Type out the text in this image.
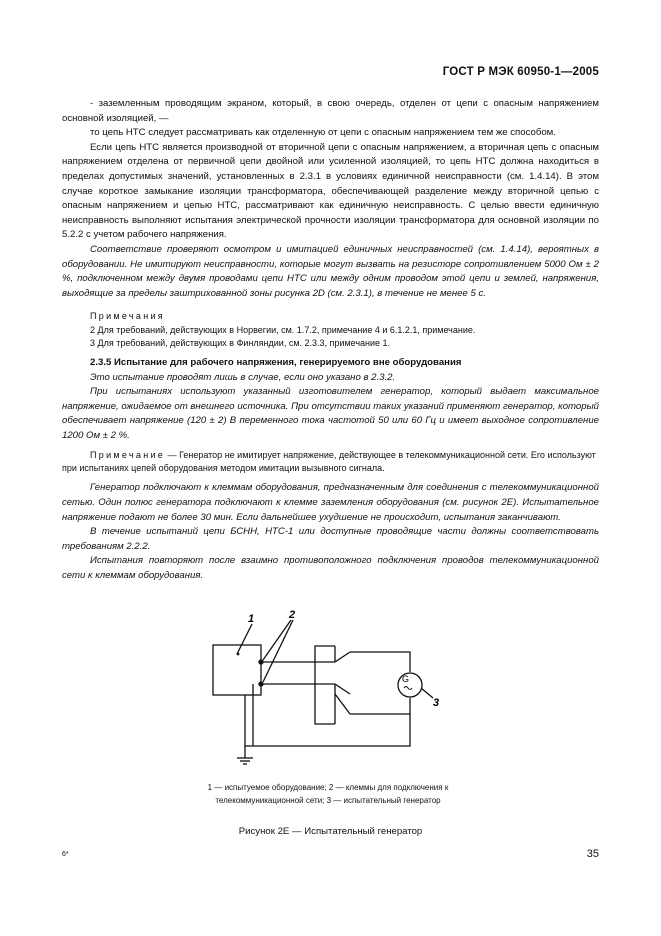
ГОСТ Р МЭК 60950-1—2005

- заземленным проводящим экраном, который, в свою очередь, отделен от цепи с опасным напряжением основной изоляцией, —

то цепь НТС следует рассматривать как отделенную от цепи с опасным напряжением тем же способом.

Если цепь НТС является производной от вторичной цепи с опасным напряжением, а вторичная цепь с опасным напряжением отделена от первичной цепи двойной или усиленной изоляцией, то цепь НТС должна находиться в пределах допустимых значений, установленных в 2.3.1 в условиях единичной неисправности (см. 1.4.14). В этом случае короткое замыкание изоляции трансформатора, обеспечивающей разделение между вторичной цепью с опасным напряжением и цепью НТС, рассматривают как единичную неисправность. С целью ввести единичную неисправность выполняют испытания электрической прочности изоляции трансформатора для основной изоляции по 5.2.2 с учетом рабочего напряжения.

Соответствие проверяют осмотром и имитацией единичных неисправностей (см. 1.4.14), вероятных в оборудовании. Не имитируют неисправности, которые могут вызвать на резисторе сопротивлением 5000 Ом ± 2 %, подключенном между двумя проводами цепи НТС или между одним проводом этой цепи и землей, напряжения, выходящие за пределы заштрихованной зоны рисунка 2D (см. 2.3.1), в течение не менее 5 с.

Примечания

2 Для требований, действующих в Норвегии, см. 1.7.2, примечание 4 и 6.1.2.1, примечание.

3 Для требований, действующих в Финляндии, см. 2.3.3, примечание 1.

2.3.5 Испытание для рабочего напряжения, генерируемого вне оборудования

Это испытание проводят лишь в случае, если оно указано в 2.3.2.

При испытаниях используют указанный изготовителем генератор, который выдает максимальное напряжение, ожидаемое от внешнего источника. При отсутствии таких указаний применяют генератор, который обеспечивает напряжение (120 ± 2) В переменного тока частотой 50 или 60 Гц и имеет выходное сопротивление 1200 Ом ± 2 %.

Примечание — Генератор не имитирует напряжение, действующее в телекоммуникационной сети. Его используют при испытаниях цепей оборудования методом имитации вызывного сигнала.

Генератор подключают к клеммам оборудования, предназначенным для соединения с телекоммуникационной сетью. Один полюс генератора подключают к клемме заземления оборудования (см. рисунок 2E). Испытательное напряжение подают не более 30 мин. Если дальнейшее ухудшение не происходит, испытания заканчивают.

В течение испытаний цепи БСНН, НТС-1 или доступные проводящие части должны соответствовать требованиям 2.2.2.

Испытания повторяют после взаимно противоположного подключения проводов телекоммуникационной сети к клеммам оборудования.

G
1	2
3
1 — испытуемое оборудование; 2 — клеммы для подключения к телекоммуникационной сети; 3 — испытательный генератор
Рисунок 2E — Испытательный генератор
6*	35
